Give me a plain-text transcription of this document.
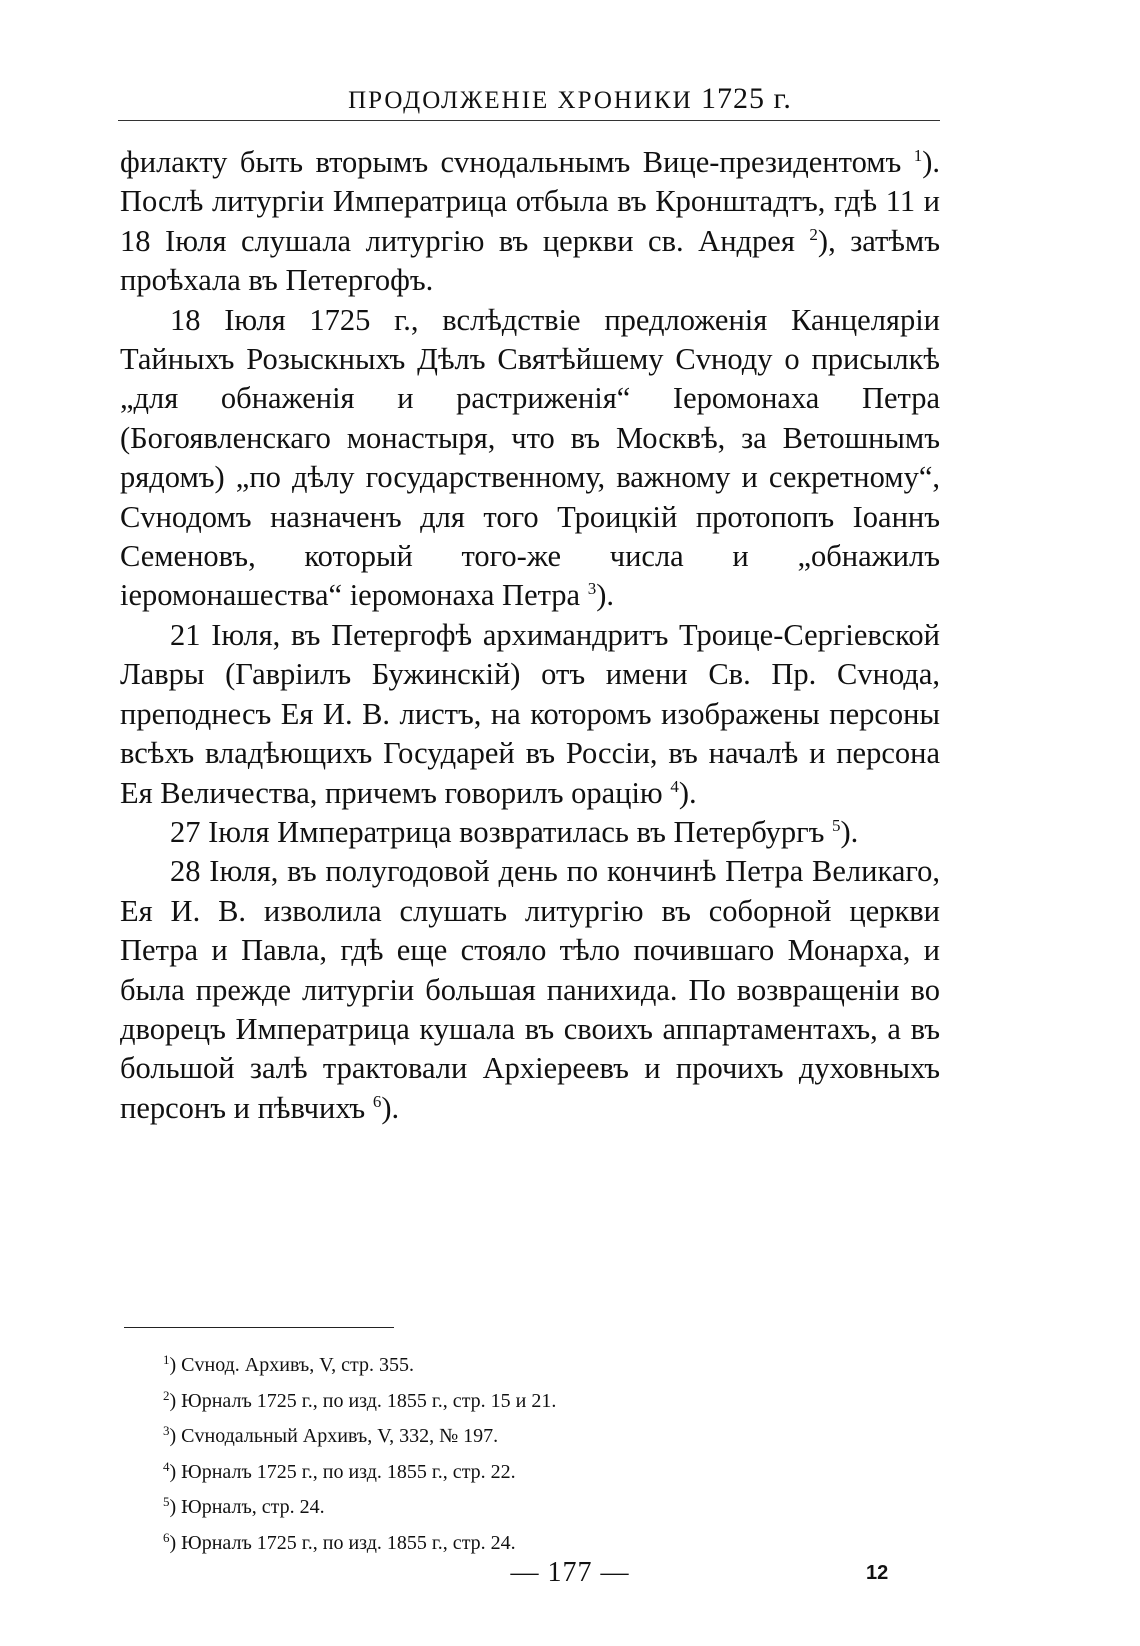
ПРОДОЛЖЕНІЕ ХРОНИКИ 1725 г.

филакту быть вторымъ сvнодальнымъ Вице-президентомъ $^1$). Послѣ литургіи Императрица отбыла въ Кронштадтъ, гдѣ 11 и 18 Іюля слушала литургію въ церкви св. Андрея $^2$), затѣмъ проѣхала въ Петергофъ.

18 Іюля 1725 г., вслѣдствіе предложенія Канцеляріи Тайныхъ Розыскныхъ Дѣлъ Святѣйшему Сvноду о присылкѣ „для обнаженія и растриженія“ Іеромонаха Петра (Богоявленскаго монастыря, что въ Москвѣ, за Ветошнымъ рядомъ) „по дѣлу государственному, важному и секретному“, Сvнодомъ назначенъ для того Троицкій протопопъ Іоаннъ Семеновъ, который того-же числа и „обнажилъ іеромонашества“ іеромонаха Петра $^3$).

21 Іюля, въ Петергофѣ архимандритъ Троице-Сергіевской Лавры (Гавріилъ Бужинскій) отъ имени Св. Пр. Сvнода, преподнесъ Ея И. В. листъ, на которомъ изображены персоны всѣхъ владѣющихъ Государей въ Россіи, въ началѣ и персона Ея Величества, причемъ говорилъ орацію $^4$).

27 Іюля Императрица возвратилась въ Петербургъ $^5$).

28 Іюля, въ полугодовой день по кончинѣ Петра Великаго, Ея И. В. изволила слушать литургію въ соборной церкви Петра и Павла, гдѣ еще стояло тѣло почившаго Монарха, и была прежде литургіи большая панихида. По возвращеніи во дворецъ Императрица кушала въ своихъ аппартаментахъ, а въ большой залѣ трактовали Архіереевъ и прочихъ духовныхъ персонъ и пѣвчихъ $^6$).

$^1$) Сvнод. Архивъ, V, стр. 355.
$^2$) Юрналъ 1725 г., по изд. 1855 г., стр. 15 и 21.
$^3$) Сvнодальный Архивъ, V, 332, № 197.
$^4$) Юрналъ 1725 г., по изд. 1855 г., стр. 22.
$^5$) Юрналъ, стр. 24.
$^6$) Юрналъ 1725 г., по изд. 1855 г., стр. 24.
— 177 —	12
